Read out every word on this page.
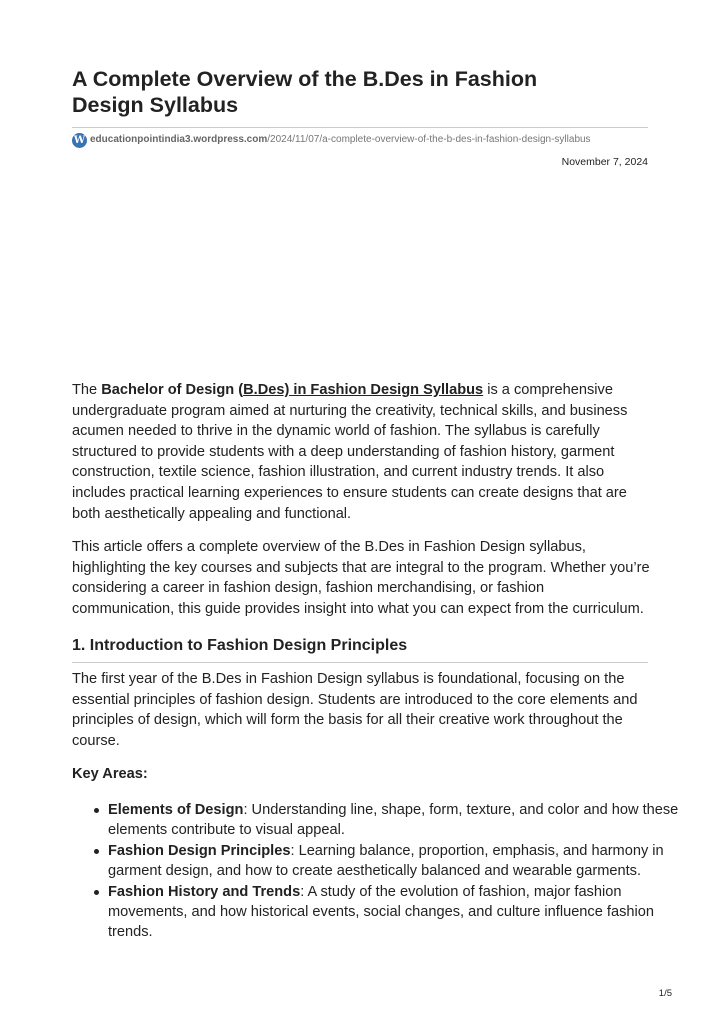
A Complete Overview of the B.Des in Fashion Design Syllabus
W educationpointindia3.wordpress.com /2024/11/07/a-complete-overview-of-the-b-des-in-fashion-design-syllabus
November 7, 2024

The Bachelor of Design (B.Des) in Fashion Design Syllabus is a comprehensive undergraduate program aimed at nurturing the creativity, technical skills, and business acumen needed to thrive in the dynamic world of fashion. The syllabus is carefully structured to provide students with a deep understanding of fashion history, garment construction, textile science, fashion illustration, and current industry trends. It also includes practical learning experiences to ensure students can create designs that are both aesthetically appealing and functional.

This article offers a complete overview of the B.Des in Fashion Design syllabus, highlighting the key courses and subjects that are integral to the program. Whether you’re considering a career in fashion design, fashion merchandising, or fashion communication, this guide provides insight into what you can expect from the curriculum.

1. Introduction to Fashion Design Principles

The first year of the B.Des in Fashion Design syllabus is foundational, focusing on the essential principles of fashion design. Students are introduced to the core elements and principles of design, which will form the basis for all their creative work throughout the course.

Key Areas:
Elements of Design: Understanding line, shape, form, texture, and color and how these elements contribute to visual appeal.
Fashion Design Principles: Learning balance, proportion, emphasis, and harmony in garment design, and how to create aesthetically balanced and wearable garments.
Fashion History and Trends: A study of the evolution of fashion, major fashion movements, and how historical events, social changes, and culture influence fashion trends.
1/5
